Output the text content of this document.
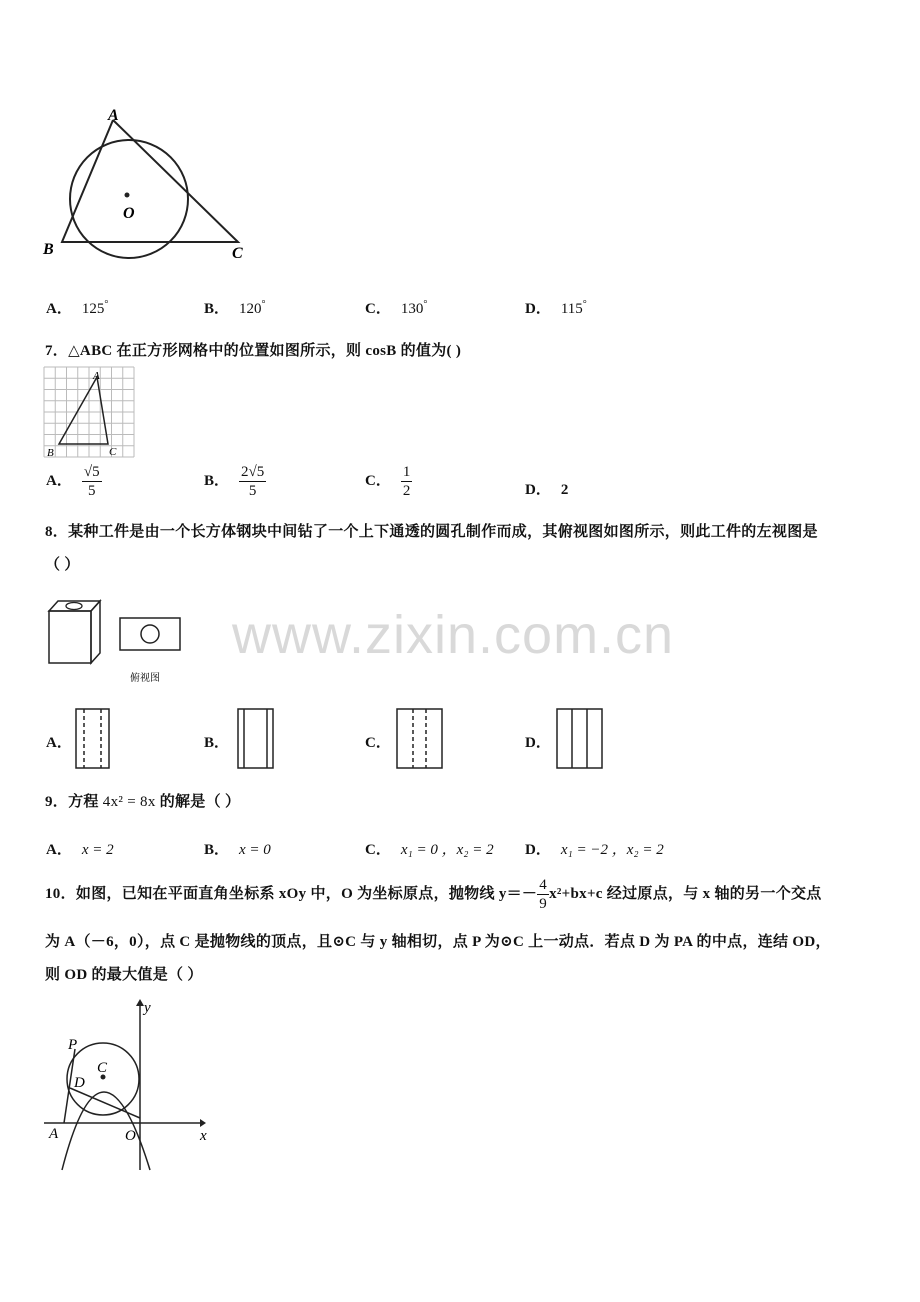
www.zixin.com.cn
A
B	C
O
A． 125°	B． 120°	C． 130°	D． 115°
7．△ABC 在正方形网格中的位置如图所示，则 cosB 的值为( )
A
B	C
A． $\frac{√5}{5}$	B． $\frac{2√5}{5}$	C． $\frac{1}{2}$	D． 2
8．某种工件是由一个长方体钢块中间钻了一个上下通透的圆孔制作而成，其俯视图如图所示，则此工件的左视图是
（ ）
俯视图
A．	B．	C．	D．
9．方程 4x² = 8x 的解是（ ）
A． x = 2	B． x = 0	C． x₁ = 0 ，x₂ = 2 D． x₁ = −2 ，x₂ = 2
10．如图，已知在平面直角坐标系 xOy 中，O 为坐标原点，抛物线 $y=- \frac{4}{9} x^2+bx+c$ 经过原点，与 x 轴的另一个交点
为 A（－6，0），点 C 是抛物线的顶点，且⊙C 与 y 轴相切，点 P 为⊙C 上一动点．若点 D 为 PA 的中点，连结 OD，
则 OD 的最大值是（ ）
x
y
O
A
C
D
P
